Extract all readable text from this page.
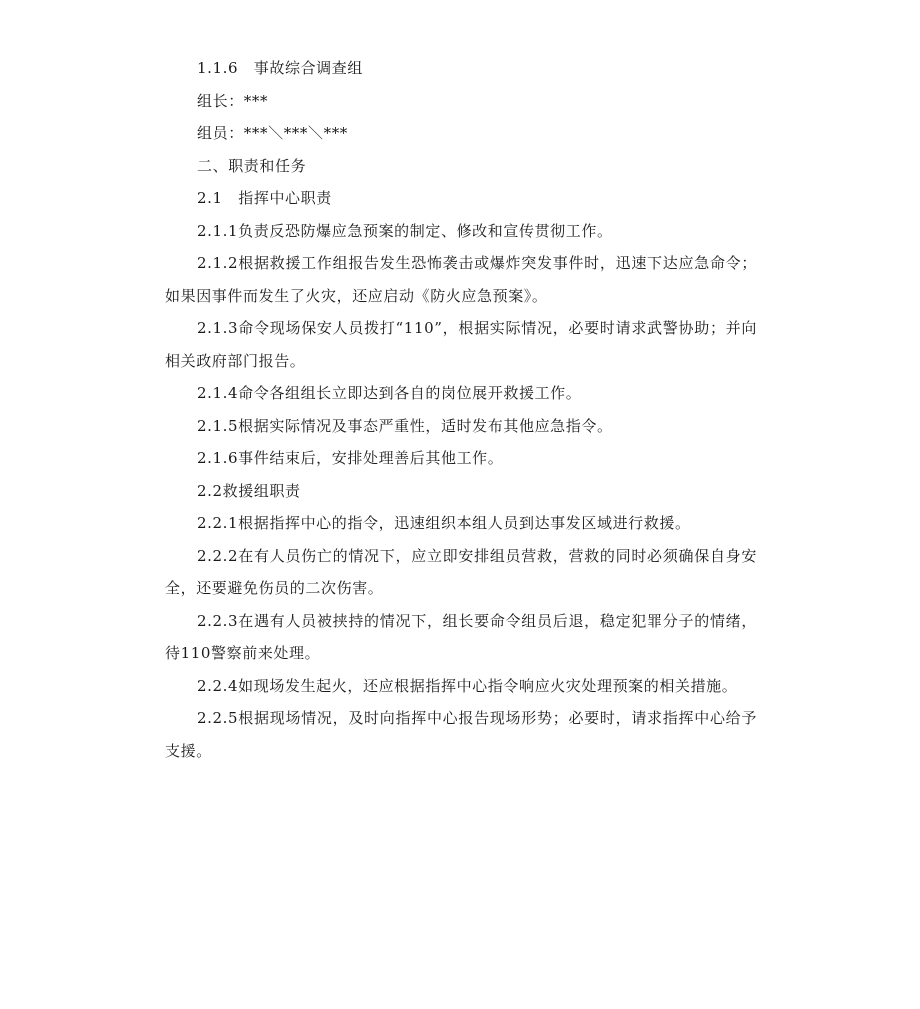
1.1.6　事故综合调查组

组长：***

组员：***＼***＼***

二、职责和任务

2.1　指挥中心职责

2.1.1负责反恐防爆应急预案的制定、修改和宣传贯彻工作。

2.1.2根据救援工作组报告发生恐怖袭击或爆炸突发事件时，迅速下达应急命令；如果因事件而发生了火灾，还应启动《防火应急预案》。

2.1.3命令现场保安人员拨打“110”，根据实际情况，必要时请求武警协助；并向相关政府部门报告。

2.1.4命令各组组长立即达到各自的岗位展开救援工作。

2.1.5根据实际情况及事态严重性，适时发布其他应急指令。

2.1.6事件结束后，安排处理善后其他工作。

2.2救援组职责

2.2.1根据指挥中心的指令，迅速组织本组人员到达事发区域进行救援。

2.2.2在有人员伤亡的情况下，应立即安排组员营救，营救的同时必须确保自身安全，还要避免伤员的二次伤害。

2.2.3在遇有人员被挟持的情况下，组长要命令组员后退，稳定犯罪分子的情绪，待110警察前来处理。

2.2.4如现场发生起火，还应根据指挥中心指令响应火灾处理预案的相关措施。

2.2.5根据现场情况，及时向指挥中心报告现场形势；必要时，请求指挥中心给予支援。
